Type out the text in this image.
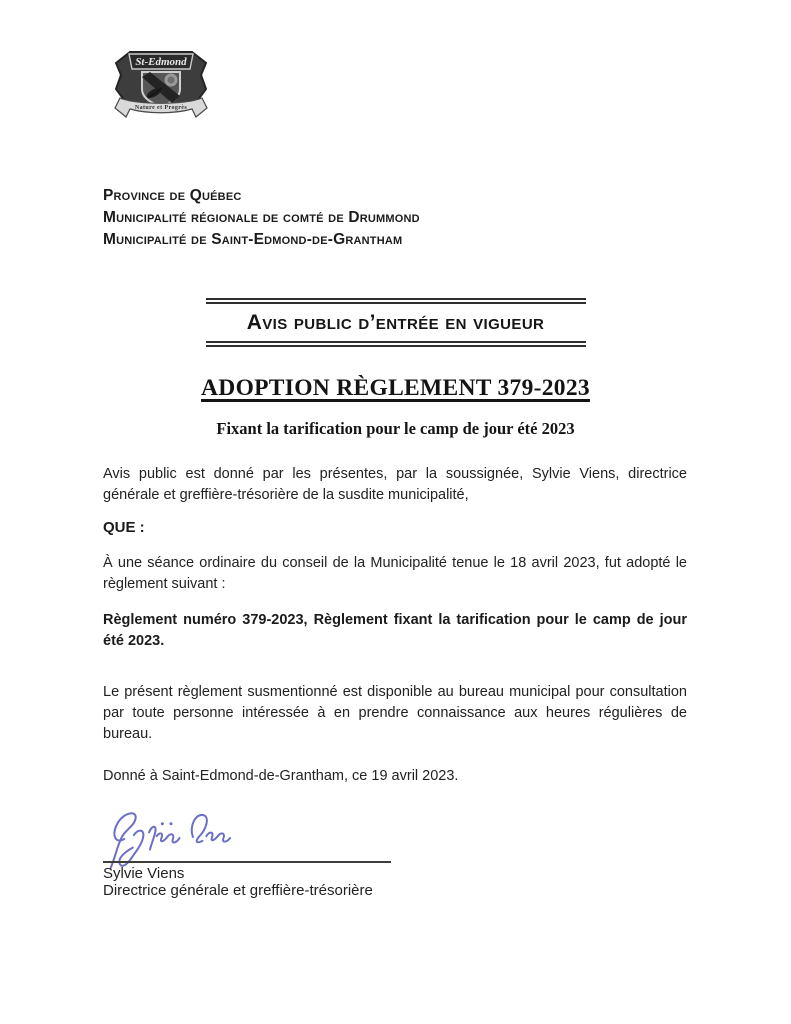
St-Edmond
Nature et Progrès
Province de Québec
Municipalité régionale de comté de Drummond
Municipalité de Saint-Edmond-de-Grantham
Avis public d’entrée en vigueur
ADOPTION RÈGLEMENT 379-2023
Fixant la tarification pour le camp de jour été 2023

Avis public est donné par les présentes, par la soussignée, Sylvie Viens, directrice générale et greffière-trésorière de la susdite municipalité,

QUE :

À une séance ordinaire du conseil de la Municipalité tenue le 18 avril 2023, fut adopté le règlement suivant :

Règlement numéro 379-2023, Règlement fixant la tarification pour le camp de jour été 2023.

Le présent règlement susmentionné est disponible au bureau municipal pour consultation par toute personne intéressée à en prendre connaissance aux heures régulières de bureau.

Donné à Saint-Edmond-de-Grantham, ce 19 avril 2023.
Sylvie Viens
Directrice générale et greffière-trésorière
